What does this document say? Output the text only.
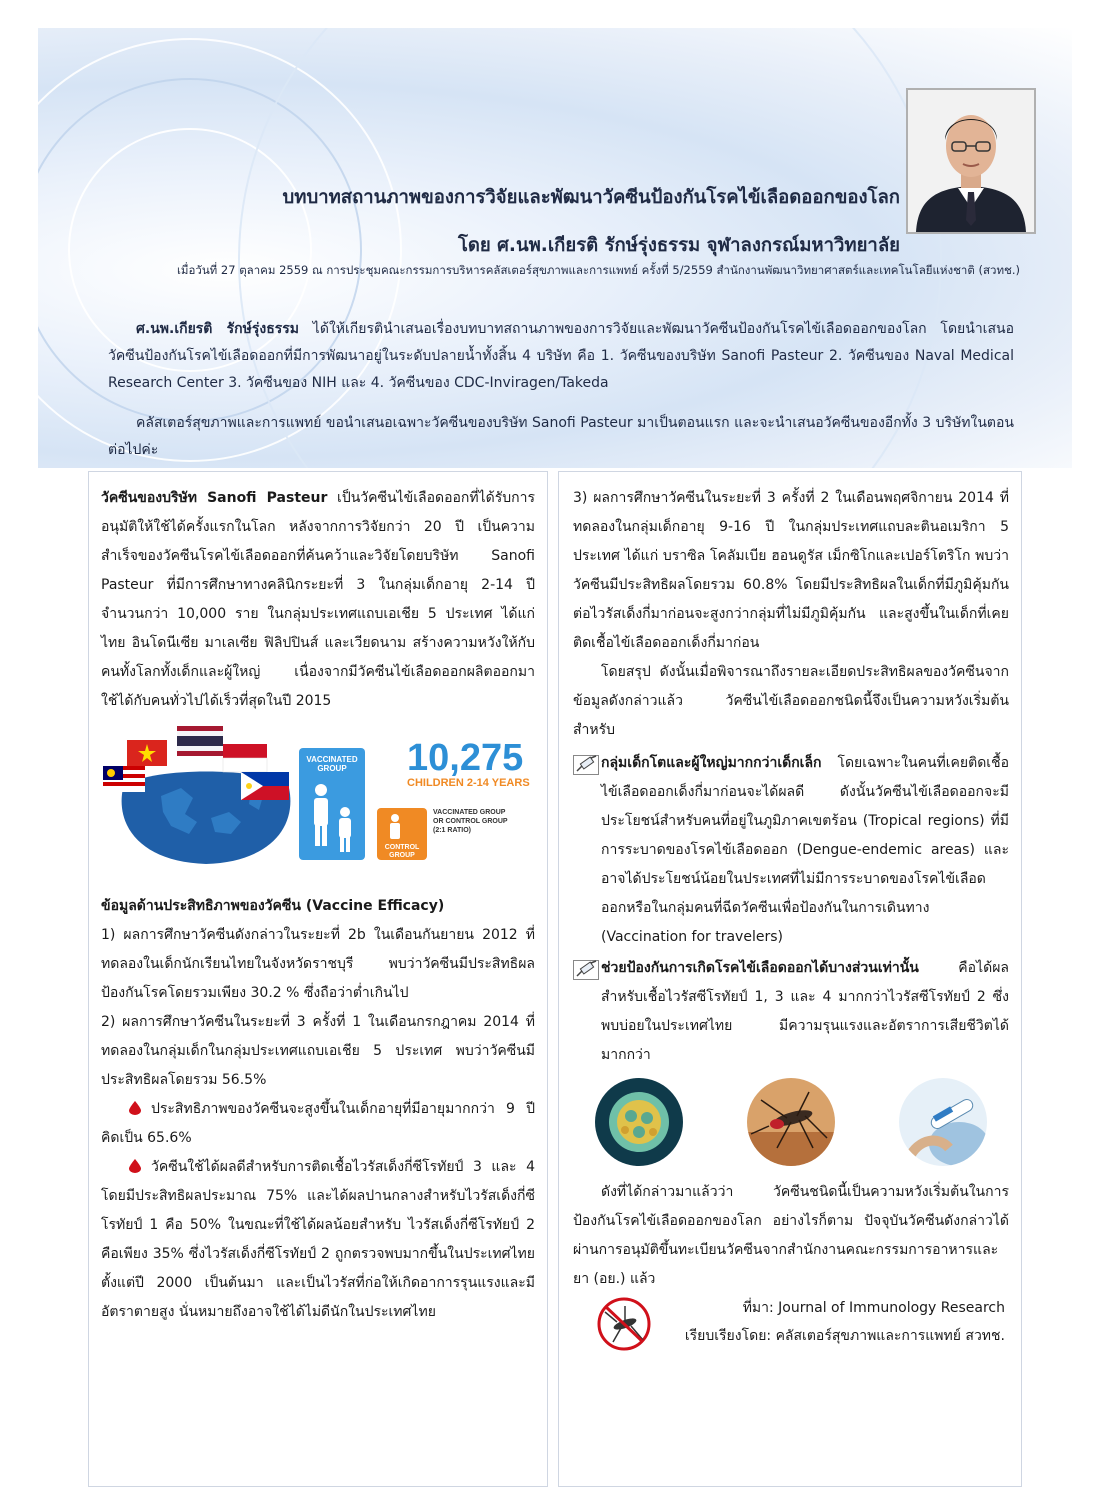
บทบาทสถานภาพของการวิจัยและพัฒนาวัคซีนป้องกันโรคไข้เลือดออกของโลก
โดย ศ.นพ.เกียรติ รักษ์รุ่งธรรม จุฬาลงกรณ์มหาวิทยาลัย
เมื่อวันที่ 27 ตุลาคม 2559 ณ การประชุมคณะกรรมการบริหารคลัสเตอร์สุขภาพและการแพทย์ ครั้งที่ 5/2559 สำนักงานพัฒนาวิทยาศาสตร์และเทคโนโลยีแห่งชาติ (สวทช.)

ศ.นพ.เกียรติ รักษ์รุ่งธรรม ได้ให้เกียรตินำเสนอเรื่องบทบาทสถานภาพของการวิจัยและพัฒนาวัคซีนป้องกันโรคไข้เลือดออกของโลก โดยนำเสนอวัคซีนป้องกันโรคไข้เลือดออกที่มีการพัฒนาอยู่ในระดับปลายน้ำทั้งสิ้น 4 บริษัท คือ 1. วัคซีนของบริษัท Sanofi Pasteur 2. วัคซีนของ Naval Medical Research Center 3. วัคซีนของ NIH และ 4. วัคซีนของ CDC-Inviragen/Takeda

คลัสเตอร์สุขภาพและการแพทย์ ขอนำเสนอเฉพาะวัคซีนของบริษัท Sanofi Pasteur มาเป็นตอนแรก และจะนำเสนอวัคซีนของอีกทั้ง 3 บริษัทในตอนต่อไปค่ะ

วัคซีนของบริษัท Sanofi Pasteur เป็นวัคซีนไข้เลือดออกที่ได้รับการอนุมัติให้ใช้ได้ครั้งแรกในโลก หลังจากการวิจัยกว่า 20 ปี เป็นความสำเร็จของวัคซีนโรคไข้เลือดออกที่ค้นคว้าและวิจัยโดยบริษัท Sanofi Pasteur ที่มีการศึกษาทางคลินิกระยะที่ 3 ในกลุ่มเด็กอายุ 2-14 ปี จำนวนกว่า 10,000 ราย ในกลุ่มประเทศแถบเอเชีย 5 ประเทศ ได้แก่ ไทย อินโดนีเซีย มาเลเซีย ฟิลิปปินส์ และเวียดนาม สร้างความหวังให้กับคนทั้งโลกทั้งเด็กและผู้ใหญ่ เนื่องจากมีวัคซีนไข้เลือดออกผลิตออกมาใช้ได้กับคนทั่วไปได้เร็วที่สุดในปี 2015

VACCINATED
GROUP
CONTROL
GROUP
10,275
CHILDREN 2-14 YEARS
VACCINATED GROUP
OR CONTROL GROUP
(2:1 RATIO)

ข้อมูลด้านประสิทธิภาพของวัคซีน (Vaccine Efficacy)

1) ผลการศึกษาวัคซีนดังกล่าวในระยะที่ 2b ในเดือนกันยายน 2012 ที่ทดลองในเด็กนักเรียนไทยในจังหวัดราชบุรี พบว่าวัคซีนมีประสิทธิผลป้องกันโรคโดยรวมเพียง 30.2 % ซึ่งถือว่าต่ำเกินไป

2) ผลการศึกษาวัคซีนในระยะที่ 3 ครั้งที่ 1 ในเดือนกรกฎาคม 2014 ที่ทดลองในกลุ่มเด็กในกลุ่มประเทศแถบเอเชีย 5 ประเทศ พบว่าวัคซีนมีประสิทธิผลโดยรวม 56.5%

ประสิทธิภาพของวัคซีนจะสูงขึ้นในเด็กอายุที่มีอายุมากกว่า 9 ปี คิดเป็น 65.6%

วัคซีนใช้ได้ผลดีสำหรับการติดเชื้อไวรัสเด็งกี่ซีโรทัยป์ 3 และ 4 โดยมีประสิทธิผลประมาณ 75% และได้ผลปานกลางสำหรับไวรัสเด็งกี่ซีโรทัยป์ 1 คือ 50% ในขณะที่ใช้ได้ผลน้อยสำหรับ ไวรัสเด็งกี่ซีโรทัยป์ 2 คือเพียง 35% ซึ่งไวรัสเด็งกี่ซีโรทัยป์ 2 ถูกตรวจพบมากขึ้นในประเทศไทยตั้งแต่ปี 2000 เป็นต้นมา และเป็นไวรัสที่ก่อให้เกิดอาการรุนแรงและมีอัตราตายสูง นั่นหมายถึงอาจใช้ได้ไม่ดีนักในประเทศไทย

3) ผลการศึกษาวัคซีนในระยะที่ 3 ครั้งที่ 2 ในเดือนพฤศจิกายน 2014 ที่ทดลองในกลุ่มเด็กอายุ 9-16 ปี ในกลุ่มประเทศแถบละตินอเมริกา 5 ประเทศ ได้แก่ บราซิล โคลัมเบีย ฮอนดูรัส เม็กซิโกและเปอร์โตริโก พบว่าวัคซีนมีประสิทธิผลโดยรวม 60.8% โดยมีประสิทธิผลในเด็กที่มีภูมิคุ้มกันต่อไวรัสเด็งกี่มาก่อนจะสูงกว่ากลุ่มที่ไม่มีภูมิคุ้มกัน และสูงขึ้นในเด็กที่เคยติดเชื้อไข้เลือดออกเด็งกี่มาก่อน

โดยสรุป ดังนั้นเมื่อพิจารณาถึงรายละเอียดประสิทธิผลของวัคซีนจากข้อมูลดังกล่าวแล้ว วัคซีนไข้เลือดออกชนิดนี้จึงเป็นความหวังเริ่มต้นสำหรับ

กลุ่มเด็กโตและผู้ใหญ่มากกว่าเด็กเล็ก โดยเฉพาะในคนที่เคยติดเชื้อไข้เลือดออกเด็งกี่มาก่อนจะได้ผลดี ดังนั้นวัคซีนไข้เลือดออกจะมีประโยชน์สำหรับคนที่อยู่ในภูมิภาคเขตร้อน (Tropical regions) ที่มีการระบาดของโรคไข้เลือดออก (Dengue-endemic areas) และอาจได้ประโยชน์น้อยในประเทศที่ไม่มีการระบาดของโรคไข้เลือดออกหรือในกลุ่มคนที่ฉีดวัคซีนเพื่อป้องกันในการเดินทาง (Vaccination for travelers)

ช่วยป้องกันการเกิดโรคไข้เลือดออกได้บางส่วนเท่านั้น คือได้ผลสำหรับเชื้อไวรัสซีโรทัยป์ 1, 3 และ 4 มากกว่าไวรัสซีโรทัยป์ 2 ซึ่งพบบ่อยในประเทศไทย มีความรุนแรงและอัตราการเสียชีวิตได้มากกว่า

ดังที่ได้กล่าวมาแล้วว่า วัคซีนชนิดนี้เป็นความหวังเริ่มต้นในการป้องกันโรคไข้เลือดออกของโลก อย่างไรก็ตาม ปัจจุบันวัคซีนดังกล่าวได้ผ่านการอนุมัติขึ้นทะเบียนวัคซีนจากสำนักงานคณะกรรมการอาหารและยา (อย.) แล้ว

ที่มา: Journal of Immunology Research
เรียบเรียงโดย: คลัสเตอร์สุขภาพและการแพทย์ สวทช.
